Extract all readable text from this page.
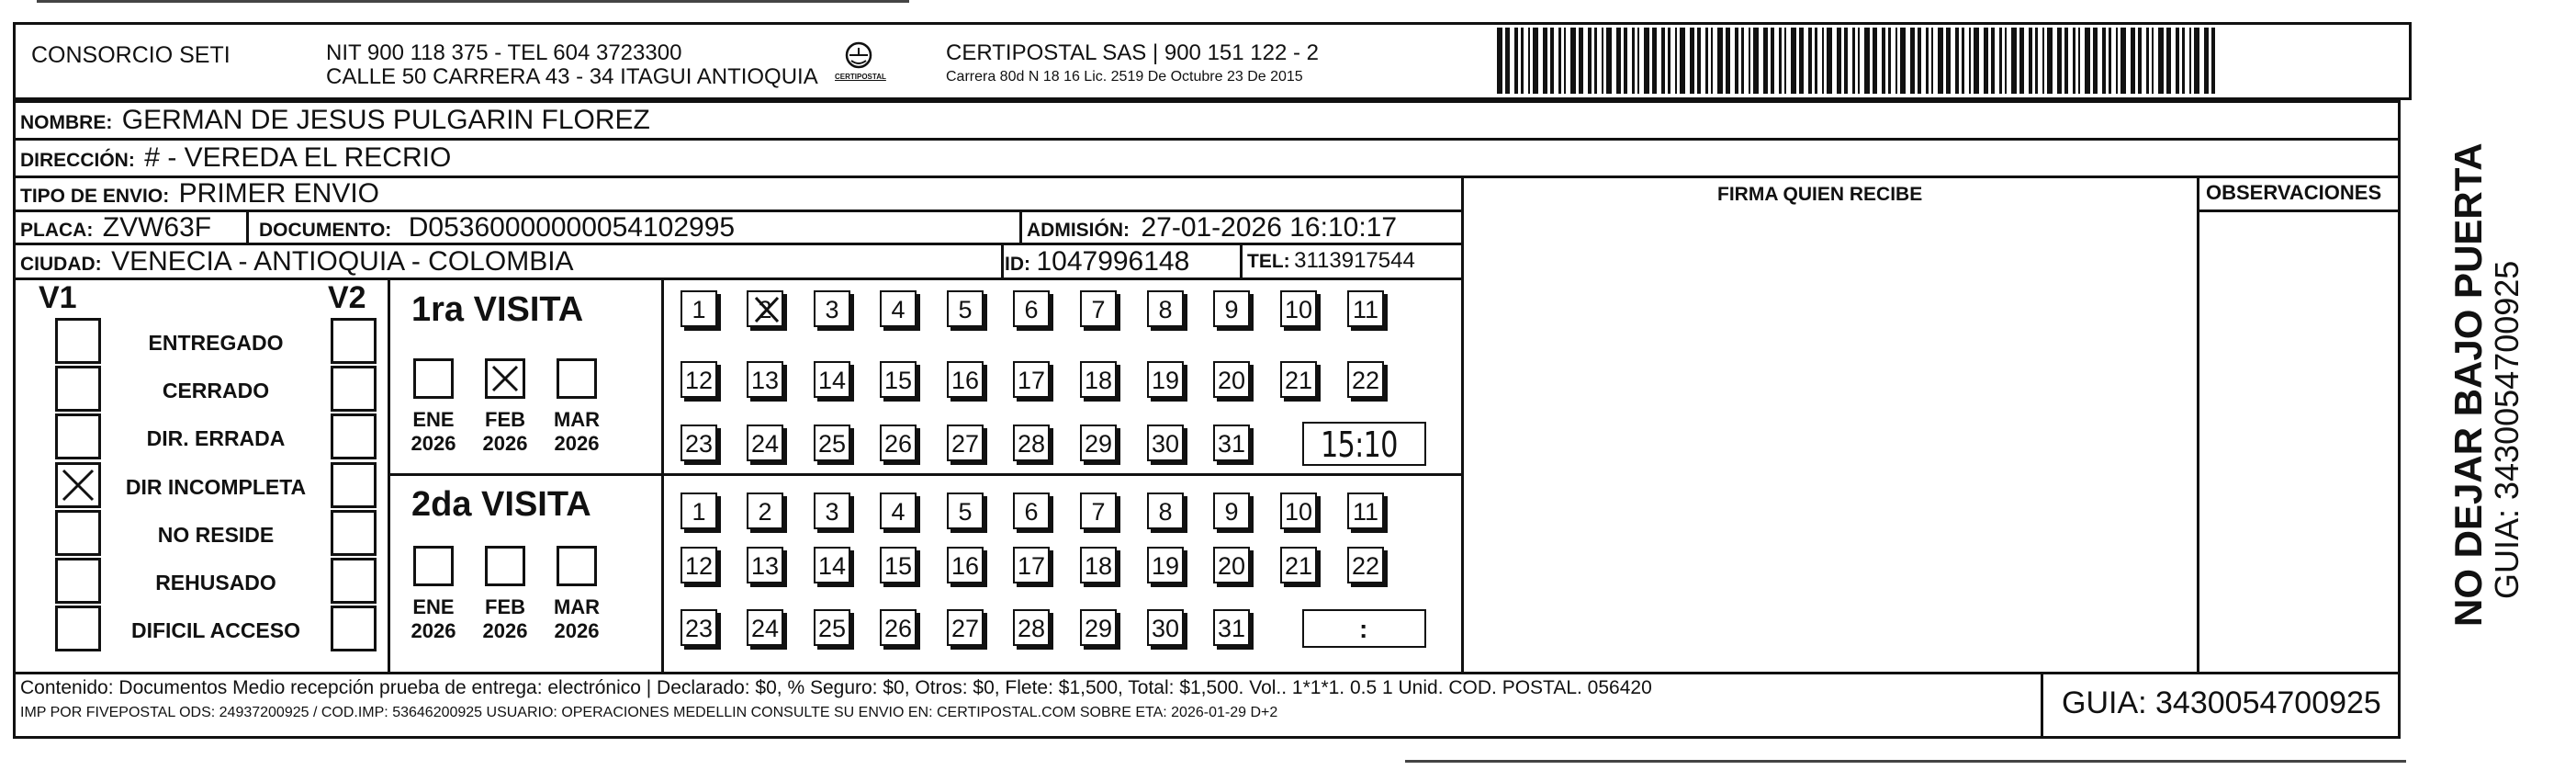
CONSORCIO SETI	NIT 900 118 375 - TEL 604 3723300
CALLE 50 CARRERA 43 - 34 ITAGUI ANTIOQUIA CERTIPOSTAL
CERTIPOSTAL SAS | 900 151 122 - 2
Carrera 80d N 18 16 Lic. 2519 De Octubre 23 De 2015
NO DEJAR BAJO PUERTA
GUIA: 3430054700925
NOMBRE: GERMAN DE JESUS PULGARIN FLOREZ
DIRECCIÓN: # - VEREDA EL RECRIO
TIPO DE ENVIO: PRIMER ENVIO	FIRMA QUIEN RECIBE	OBSERVACIONES
PLACA: ZVW63F DOCUMENTO: D05360000000054102995	ADMISIÓN: 27-01-2026 16:10:17
CIUDAD: VENECIA - ANTIOQUIA - COLOMBIA	ID: 1047996148	TEL: 3113917544
V1	V2
ENTREGADO
CERRADO
DIR. ERRADA
DIR INCOMPLETA
NO RESIDE
REHUSADO
DIFICIL ACCESO
1ra VISITA
2da VISITA
ENE
2026
FEB
2026
MAR
2026
ENE
2026
FEB
2026
MAR
2026
1	2	3	4	5	6	7	8	9	10 11
12 13 14 15 16 17 18 19 20 21 22
23 24 25 26 27 28 29 30 31
1	2	3	4	5	6	7	8	9	10 11
12 13 14 15 16 17 18 19 20 21 22
23 24 25 26 27 28 29 30 31
15:10
:
Contenido: Documentos Medio recepción prueba de entrega: electrónico | Declarado: $0, % Seguro: $0, Otros: $0, Flete: $1,500, Total: $1,500. Vol.. 1*1*1. 0.5 1 Unid. COD. POSTAL. 056420
IMP POR FIVEPOSTAL ODS: 24937200925 / COD.IMP: 53646200925 USUARIO: OPERACIONES MEDELLIN CONSULTE SU ENVIO EN: CERTIPOSTAL.COM SOBRE ETA: 2026-01-29 D+2	GUIA: 3430054700925
